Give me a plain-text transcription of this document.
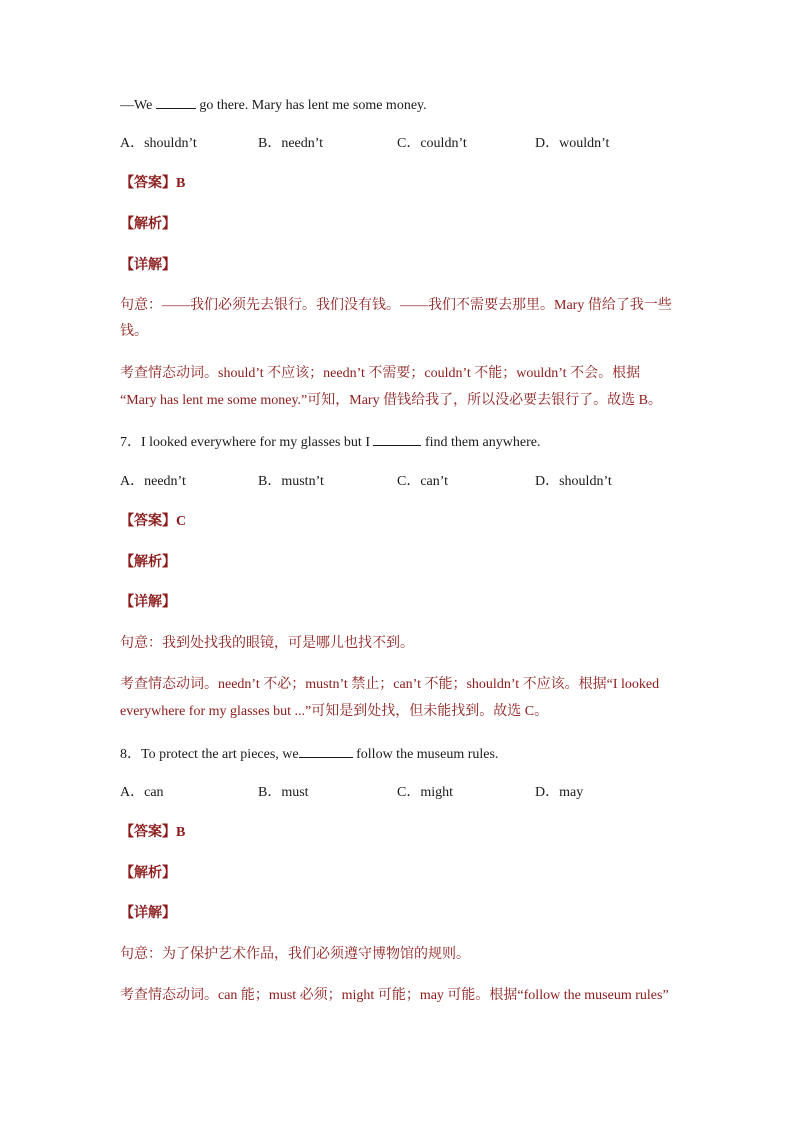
—We	go there. Mary has lent me some money.
A．shouldn’t	B．needn’t	C．couldn’t	D．wouldn’t
【答案】B
【解析】
【详解】
句意：——我们必须先去银行。我们没有钱。——我们不需要去那里。Mary 借给了我一些
钱。
考查情态动词。should’t 不应该；needn’t 不需要；couldn’t 不能；wouldn’t 不会。根据
“Mary has lent me some money.”可知，Mary 借钱给我了，所以没必要去银行了。故选 B。
7．I looked everywhere for my glasses but I	find them anywhere.
A．needn’t	B．mustn’t	C．can’t	D．shouldn’t
【答案】C
【解析】
【详解】
句意：我到处找我的眼镜，可是哪儿也找不到。
考查情态动词。needn’t 不必；mustn’t 禁止；can’t 不能；shouldn’t 不应该。根据“I looked
everywhere for my glasses but ...”可知是到处找，但未能找到。故选 C。
8．To protect the art pieces, we	follow the museum rules.
A．can	B．must	C．might	D．may
【答案】B
【解析】
【详解】
句意：为了保护艺术作品，我们必须遵守博物馆的规则。
考查情态动词。can 能；must 必须；might 可能；may 可能。根据“follow the museum rules”
